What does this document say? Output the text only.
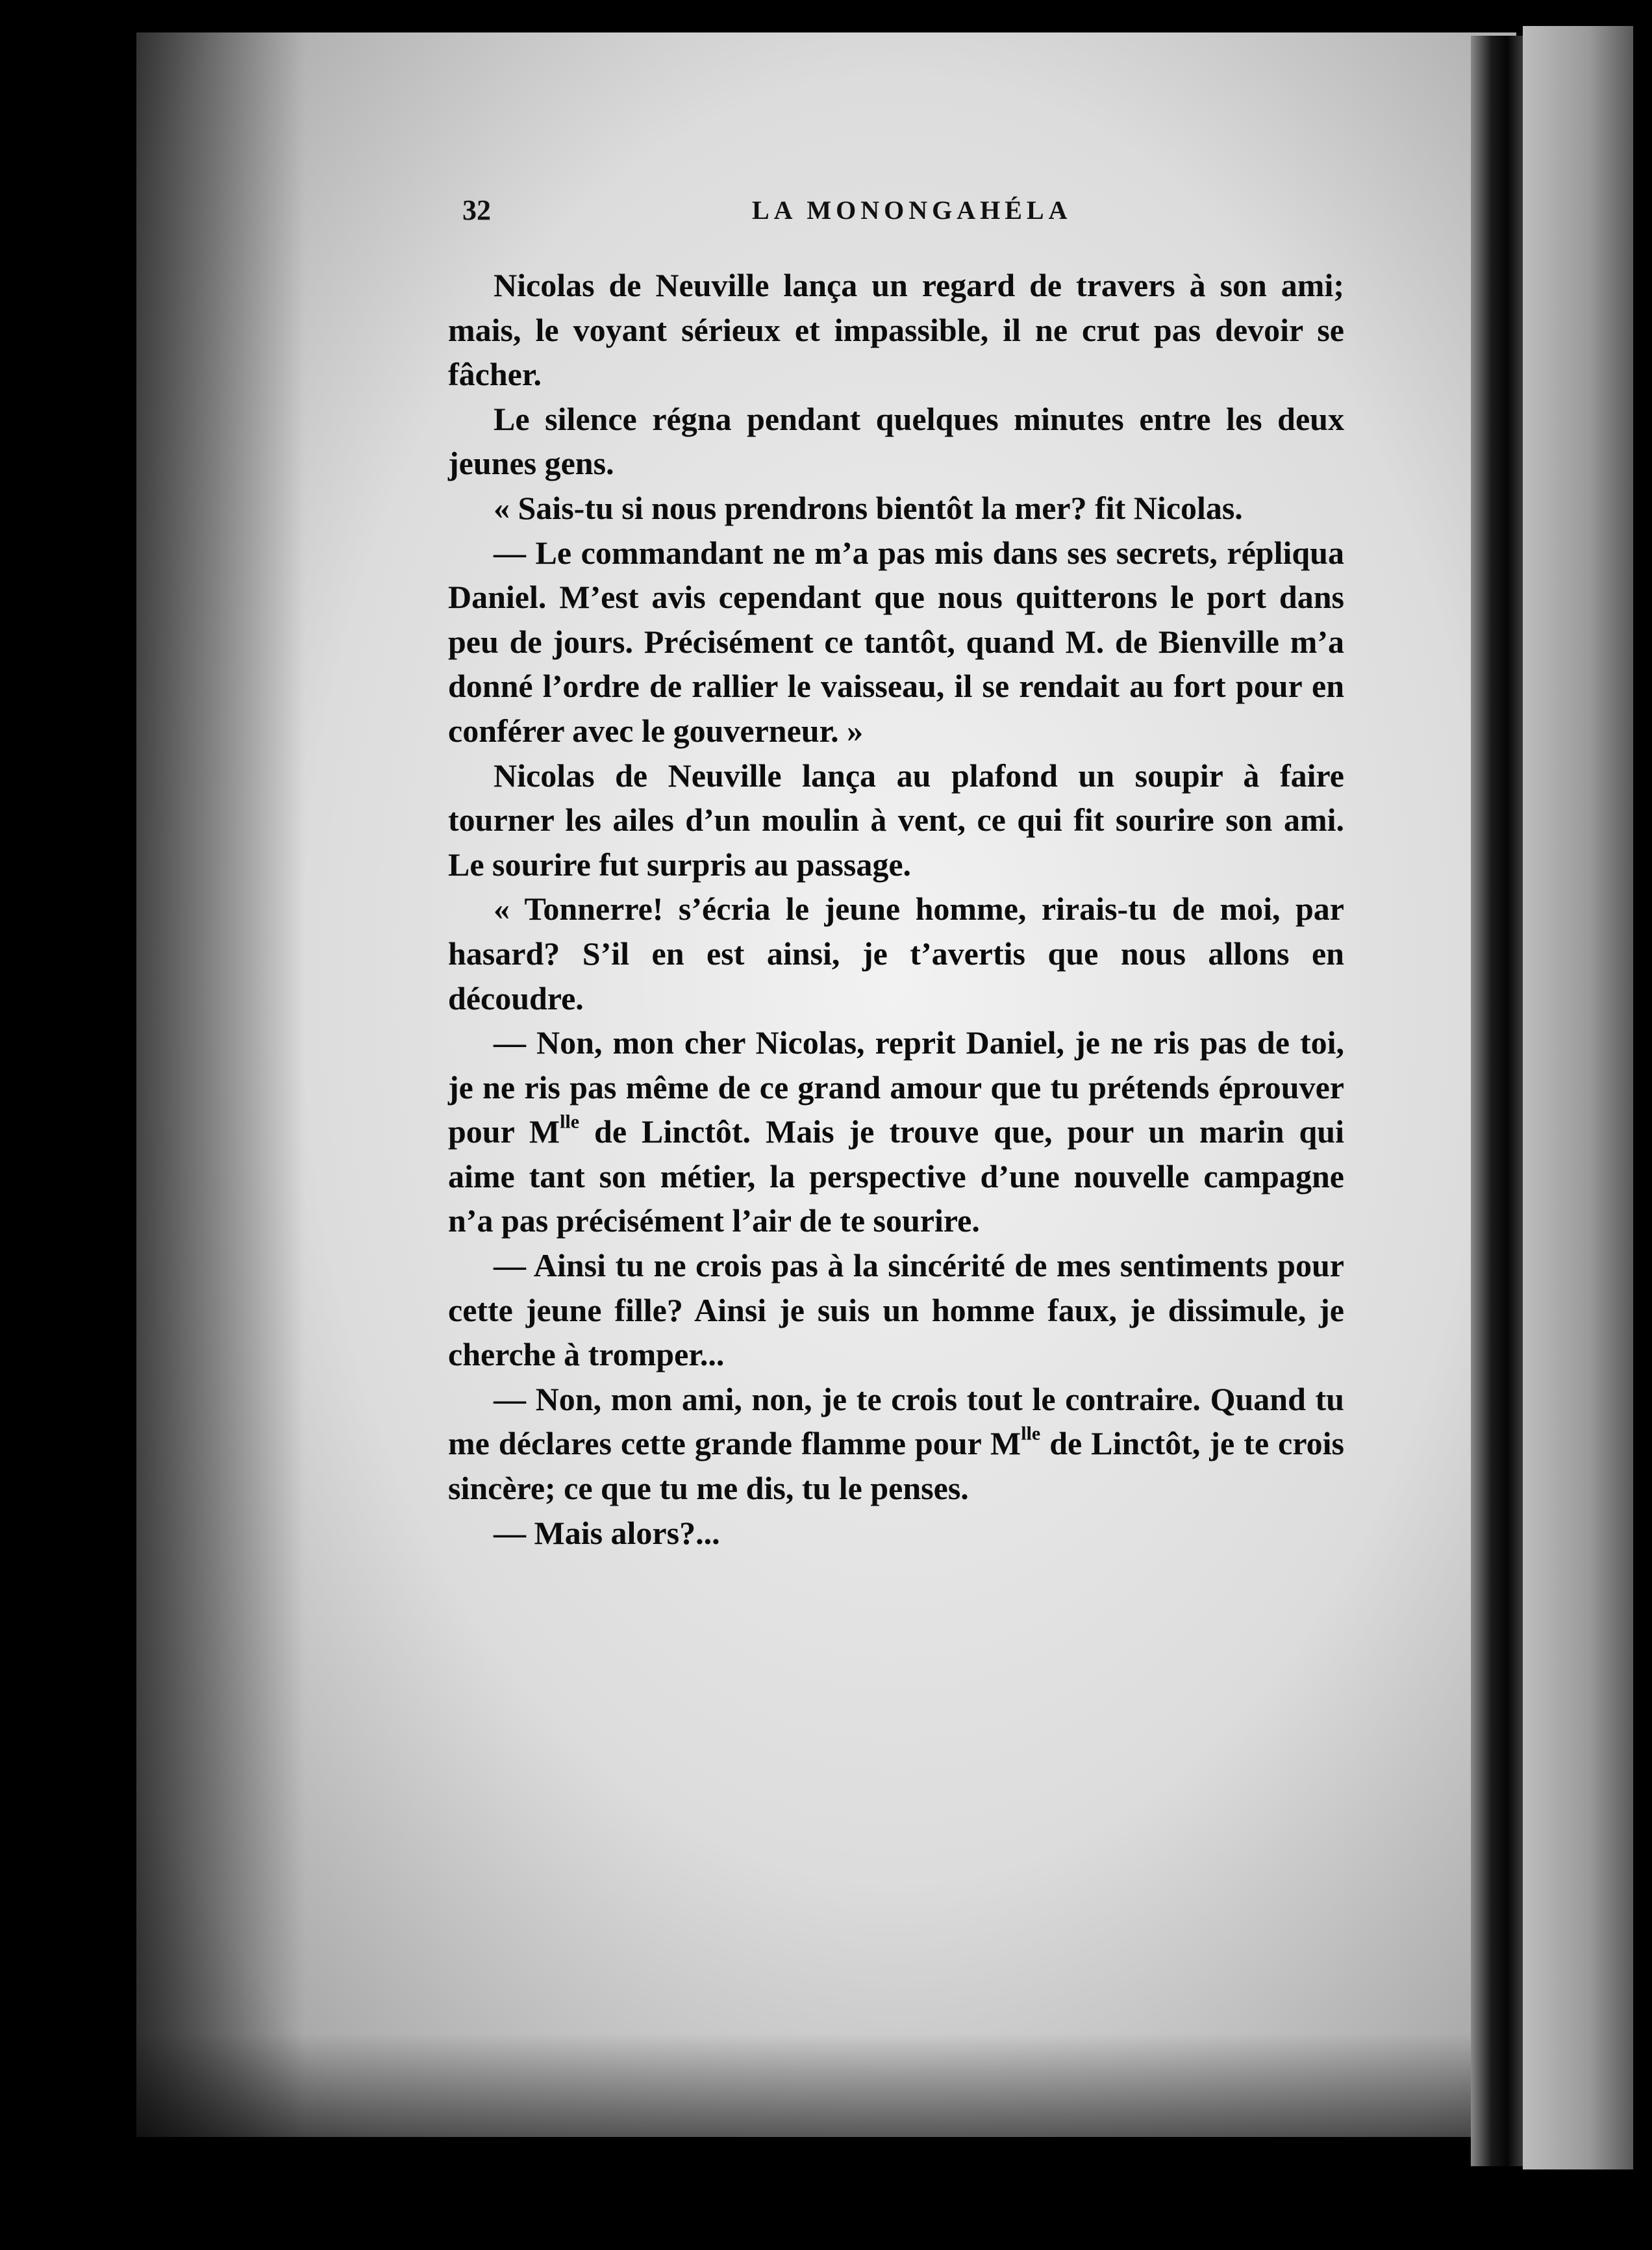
32	LA MONONGAHÉLA

Nicolas de Neuville lança un regard de travers à son ami; mais, le voyant sérieux et impassible, il ne crut pas devoir se fâcher.

Le silence régna pendant quelques minutes entre les deux jeunes gens.

« Sais-tu si nous prendrons bientôt la mer? fit Nicolas.

— Le commandant ne m’a pas mis dans ses secrets, répliqua Daniel. M’est avis cependant que nous quitterons le port dans peu de jours. Précisément ce tantôt, quand M. de Bienville m’a donné l’ordre de rallier le vaisseau, il se rendait au fort pour en conférer avec le gouverneur. »

Nicolas de Neuville lança au plafond un soupir à faire tourner les ailes d’un moulin à vent, ce qui fit sourire son ami. Le sourire fut surpris au passage.

« Tonnerre! s’écria le jeune homme, rirais-tu de moi, par hasard? S’il en est ainsi, je t’avertis que nous allons en découdre.

— Non, mon cher Nicolas, reprit Daniel, je ne ris pas de toi, je ne ris pas même de ce grand amour que tu prétends éprouver pour $M^{lle}$ de Linctôt. Mais je trouve que, pour un marin qui aime tant son métier, la perspective d’une nouvelle campagne n’a pas précisément l’air de te sourire.

— Ainsi tu ne crois pas à la sincérité de mes sentiments pour cette jeune fille? Ainsi je suis un homme faux, je dissimule, je cherche à tromper...

— Non, mon ami, non, je te crois tout le contraire. Quand tu me déclares cette grande flamme pour $M^{lle}$ de Linctôt, je te crois sincère; ce que tu me dis, tu le penses.

— Mais alors?...
